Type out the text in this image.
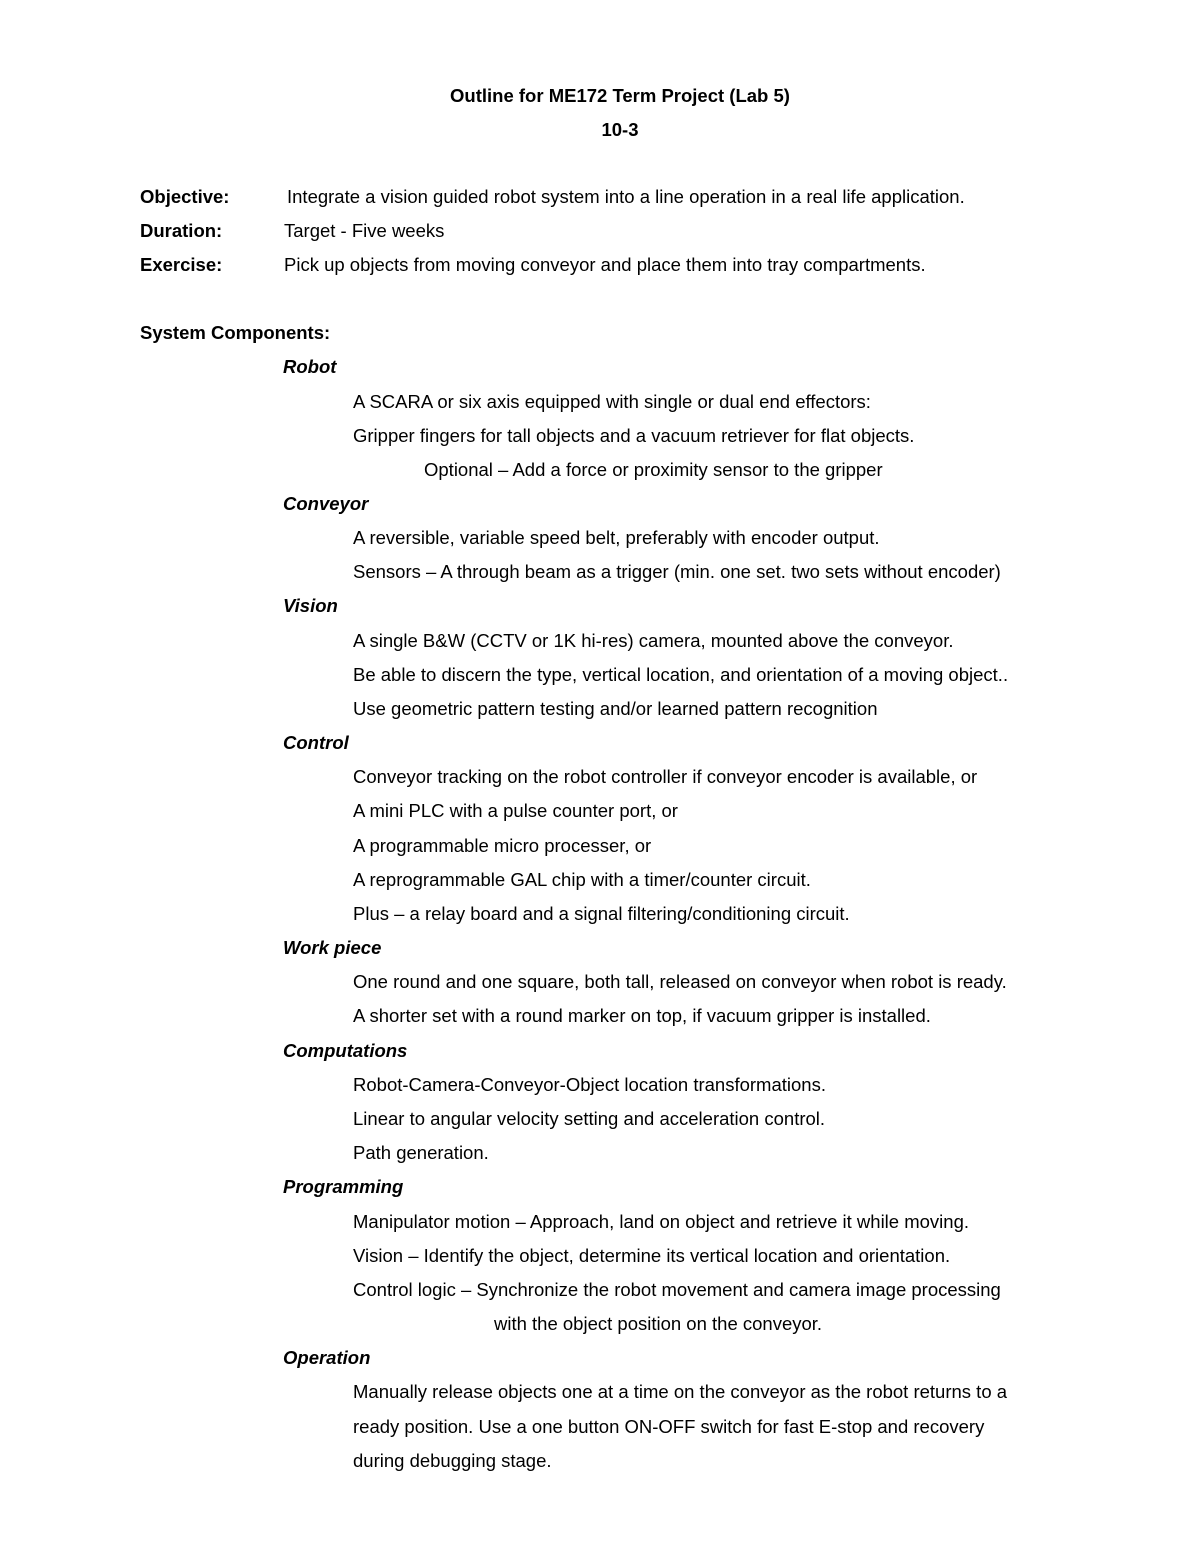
Outline for ME172 Term Project (Lab 5)
10-3
Objective:	Integrate a vision guided robot system into a line operation in a real life application.
Duration:	Target - Five weeks
Exercise:	Pick up objects from moving conveyor and place them into tray compartments.
System Components:
Robot
A SCARA or six axis equipped with single or dual end effectors:
Gripper fingers for tall objects and a vacuum retriever for flat objects.
Optional – Add a force or proximity sensor to the gripper
Conveyor
A reversible, variable speed belt, preferably with encoder output.
Sensors – A through beam as a trigger (min. one set. two sets without encoder)
Vision
A single B&W (CCTV or 1K hi-res) camera, mounted above the conveyor.
Be able to discern the type, vertical location, and orientation of a moving object..
Use geometric pattern testing and/or learned pattern recognition
Control
Conveyor tracking on the robot controller if conveyor encoder is available, or
A mini PLC with a pulse counter port, or
A programmable micro processer, or
A reprogrammable GAL chip with a timer/counter circuit.
Plus – a relay board and a signal filtering/conditioning circuit.
Work piece
One round and one square, both tall, released on conveyor when robot is ready.
A shorter set with a round marker on top, if vacuum gripper is installed.
Computations
Robot-Camera-Conveyor-Object location transformations.
Linear to angular velocity setting and acceleration control.
Path generation.
Programming
Manipulator motion – Approach, land on object and retrieve it while moving.
Vision – Identify the object, determine its vertical location and orientation.
Control logic – Synchronize the robot movement and camera image processing
with the object position on the conveyor.
Operation
Manually release objects one at a time on the conveyor as the robot returns to a
ready position. Use a one button ON-OFF switch for fast E-stop and recovery
during debugging stage.
